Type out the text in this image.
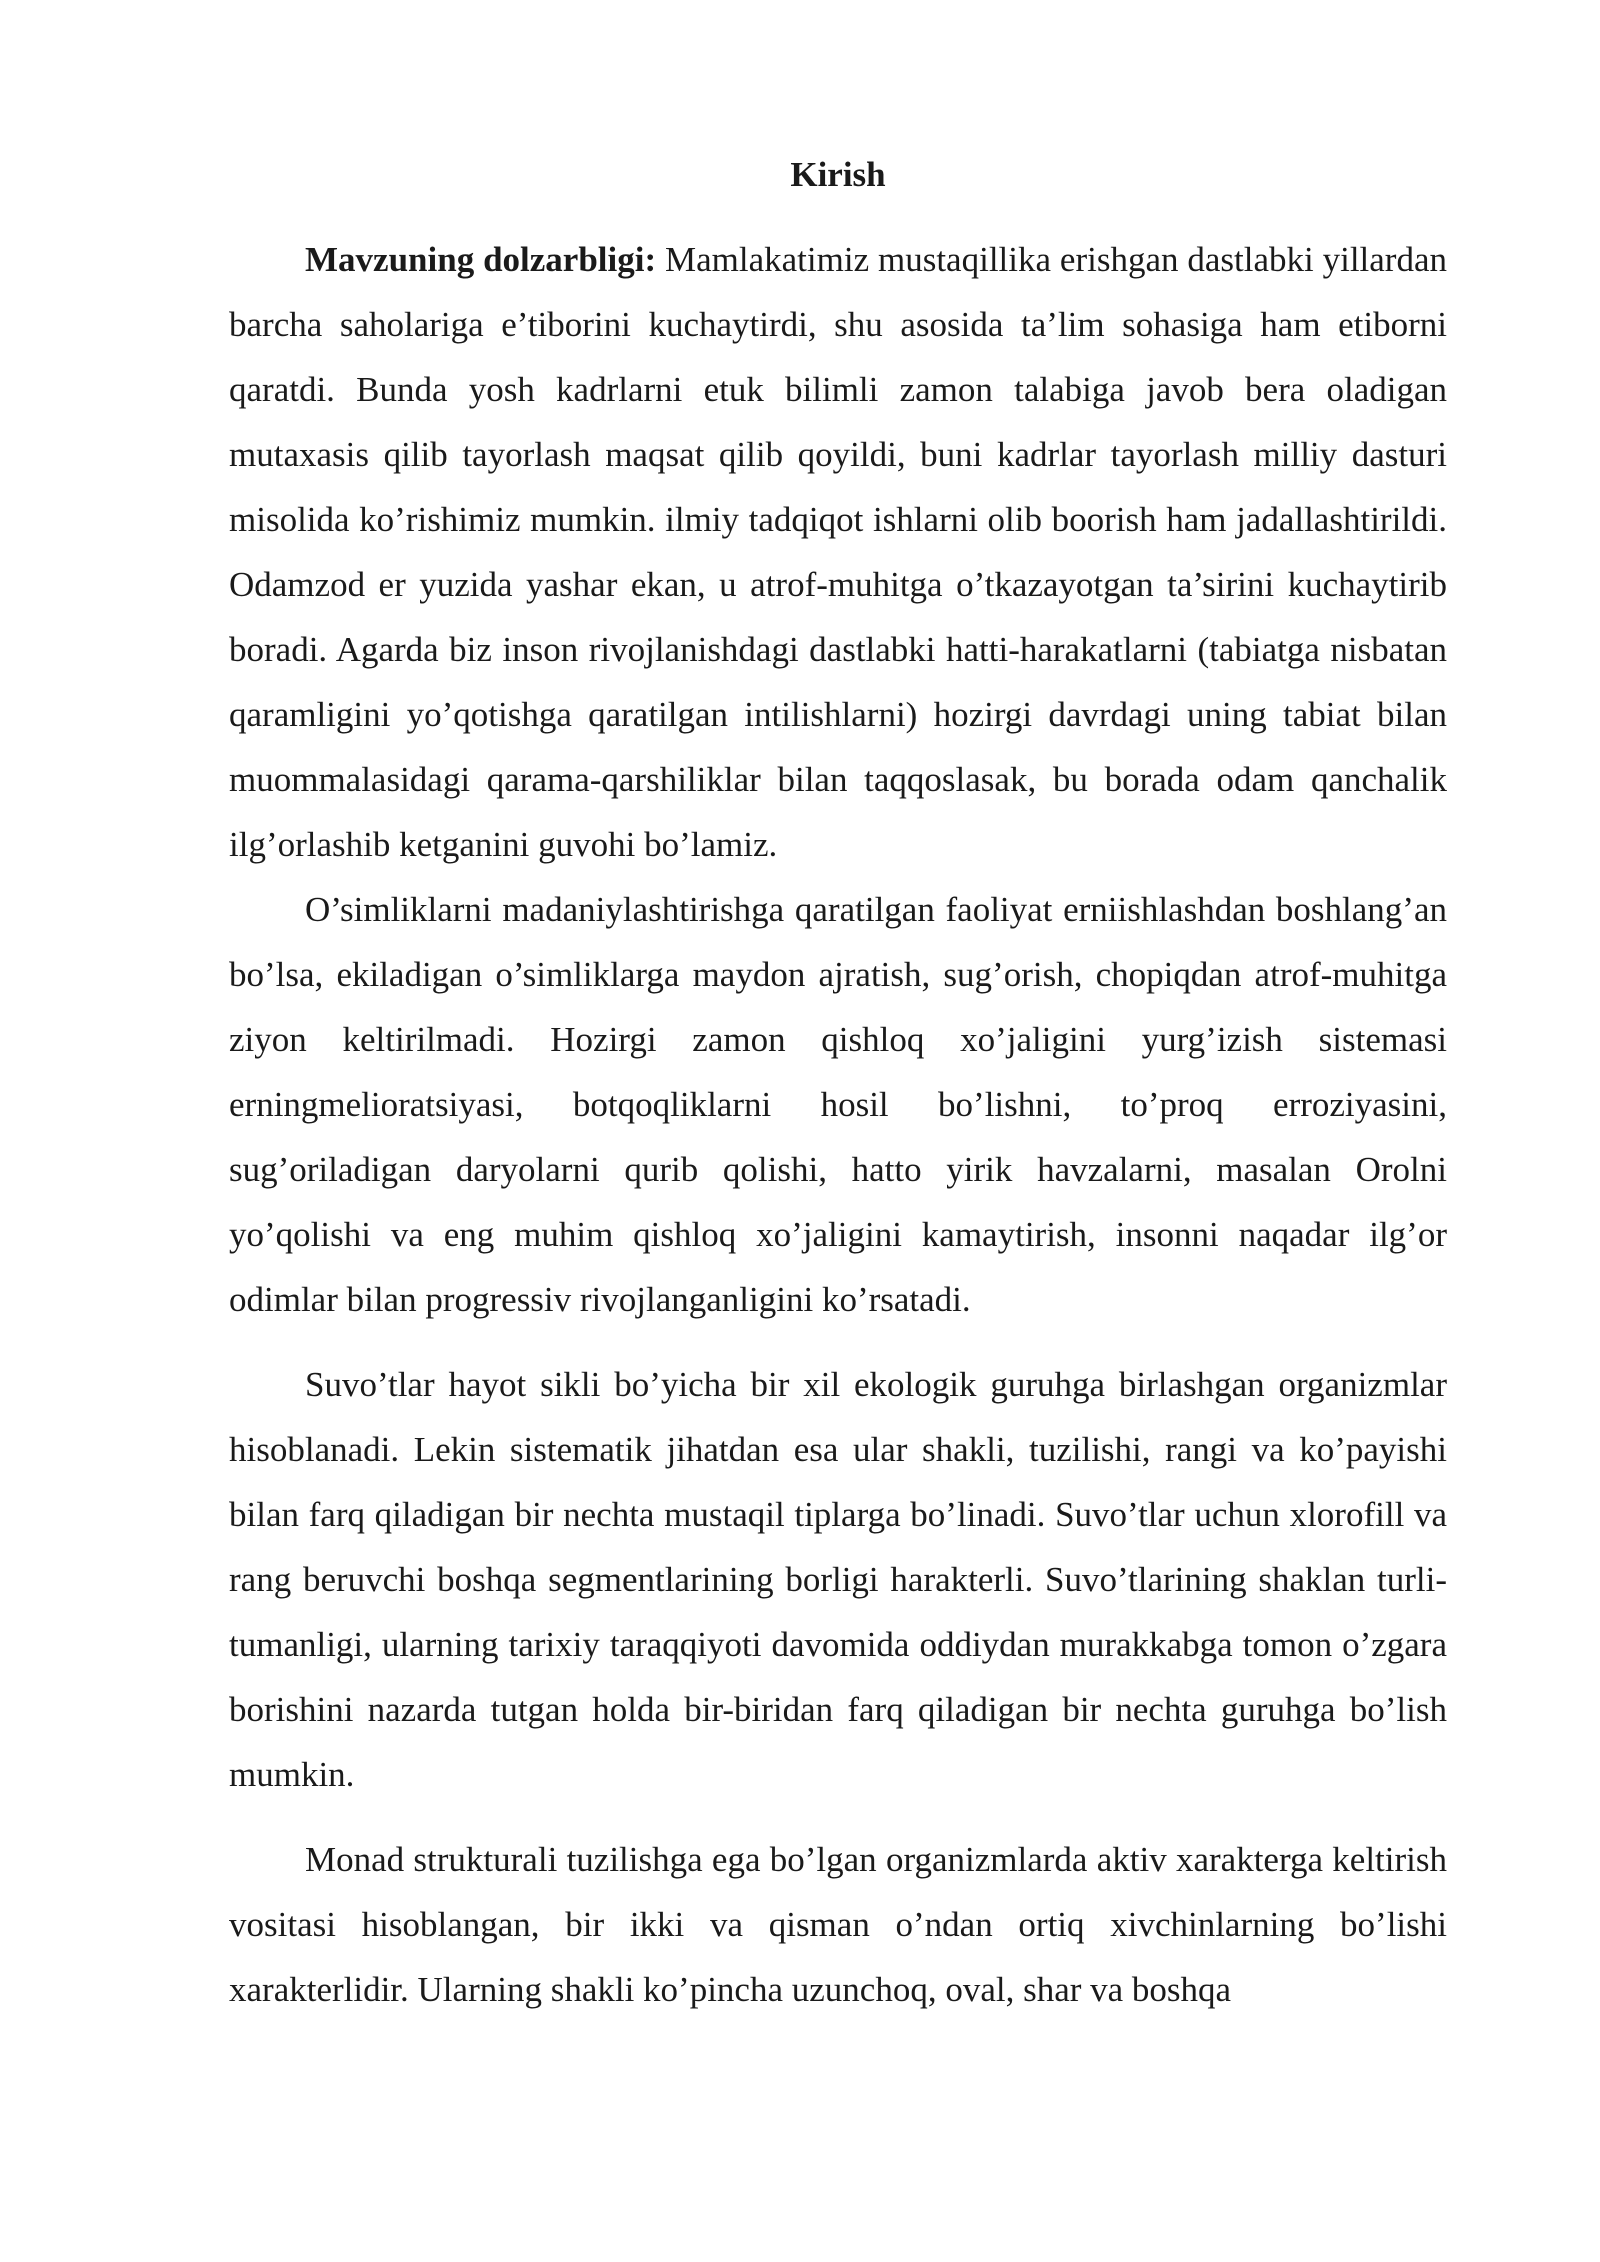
Kirish

Mavzuning dolzarbligi: Mamlakatimiz mustaqillika erishgan dastlabki yillardan barcha saholariga e’tiborini kuchaytirdi, shu asosida ta’lim sohasiga ham etiborni qaratdi. Bunda yosh kadrlarni etuk bilimli zamon talabiga javob bera oladigan mutaxasis qilib tayorlash maqsat qilib qoyildi, buni kadrlar tayorlash milliy dasturi misolida ko’rishimiz mumkin. ilmiy tadqiqot ishlarni olib boorish ham jadallashtirildi. Odamzod er yuzida yashar ekan, u atrof-muhitga o’tkazayotgan ta’sirini kuchaytirib boradi. Agarda biz inson rivojlanishdagi dastlabki hatti-harakatlarni (tabiatga nisbatan qaramligini yo’qotishga qaratilgan intilishlarni) hozirgi davrdagi uning tabiat bilan muommalasidagi qarama-qarshiliklar bilan taqqoslasak, bu borada odam qanchalik ilg’orlashib ketganini guvohi bo’lamiz.

O’simliklarni madaniylashtirishga qaratilgan faoliyat erniishlashdan boshlang’an bo’lsa, ekiladigan o’simliklarga maydon ajratish, sug’orish, chopiqdan atrof-muhitga ziyon keltirilmadi. Hozirgi zamon qishloq xo’jaligini yurg’izish sistemasi erningmelioratsiyasi, botqoqliklarni hosil bo’lishni, to’proq erroziyasini, sug’oriladigan daryolarni qurib qolishi, hatto yirik havzalarni, masalan Orolni yo’qolishi va eng muhim qishloq xo’jaligini kamaytirish, insonni naqadar ilg’or odimlar bilan progressiv rivojlanganligini ko’rsatadi.

Suvo’tlar hayot sikli bo’yicha bir xil ekologik guruhga birlashgan organizmlar hisoblanadi. Lekin sistematik jihatdan esa ular shakli, tuzilishi, rangi va ko’payishi bilan farq qiladigan bir nechta mustaqil tiplarga bo’linadi. Suvo’tlar uchun xlorofill va rang beruvchi boshqa segmentlarining borligi harakterli. Suvo’tlarining shaklan turli-tumanligi, ularning tarixiy taraqqiyoti davomida oddiydan murakkabga tomon o’zgara borishini nazarda tutgan holda bir-biridan farq qiladigan bir nechta guruhga bo’lish mumkin.

Monad strukturali tuzilishga ega bo’lgan organizmlarda aktiv xarakterga keltirish vositasi hisoblangan, bir ikki va qisman o’ndan ortiq xivchinlarning bo’lishi xarakterlidir. Ularning shakli ko’pincha uzunchoq, oval, shar va boshqa
